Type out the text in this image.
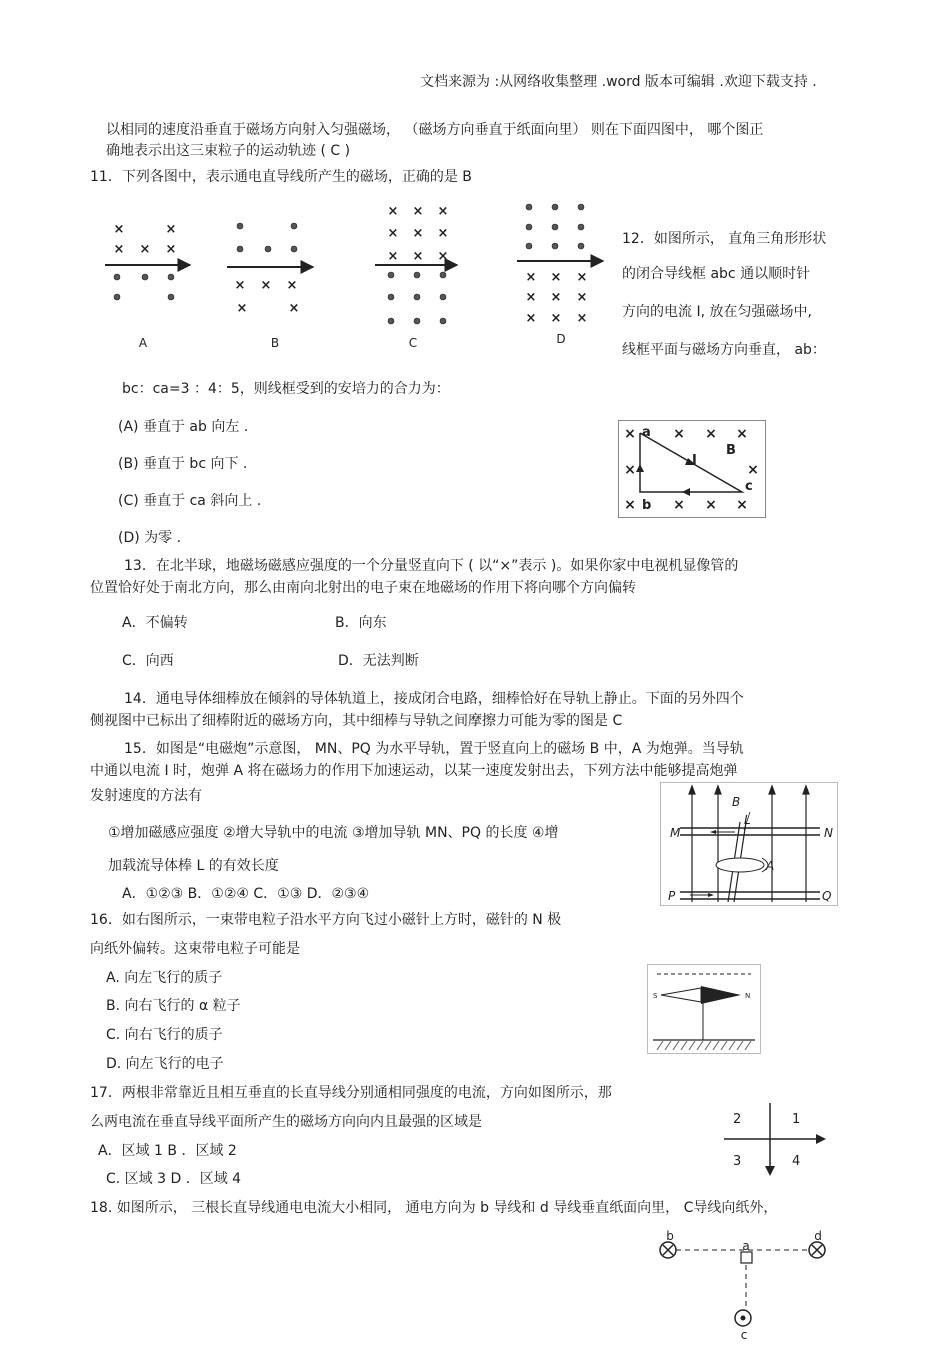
文档来源为 :从网络收集整理 .word 版本可编辑 .欢迎下载支持 .
以相同的速度沿垂直于磁场方向射入匀强磁场， （磁场方向垂直于纸面向里） 则在下面四图中， 哪个图正
确地表示出这三束粒子的运动轨迹 ( C )
11．下列各图中，表示通电直导线所产生的磁场，正确的是 B
×	×
× × ×
× × ×
×	×
× × ×
× × ×
× × ×
× × ×
× × ×
× × ×
A	B	C	D
12．如图所示， 直角三角形形状
的闭合导线框 abc 通以顺时针
方向的电流 I, 放在匀强磁场中,
线框平面与磁场方向垂直， ab：
bc：ca=3 ：4：5，则线框受到的安培力的合力为：
(A) 垂直于 ab 向左 .
(B) 垂直于 bc 向下 .
(C) 垂直于 ca 斜向上 .
(D) 为零 .
×	× × ×
×	×
×	× × ×
a
b
c
I
B
13．在北半球，地磁场磁感应强度的一个分量竖直向下 ( 以“×”表示 )。如果你家中电视机显像管的
位置恰好处于南北方向，那么由南向北射出的电子束在地磁场的作用下将向哪个方向偏转
A．不偏转	B．向东
C．向西	D．无法判断
14．通电导体细棒放在倾斜的导体轨道上，接成闭合电路，细棒恰好在导轨上静止。下面的另外四个
侧视图中已标出了细棒附近的磁场方向，其中细棒与导轨之间摩擦力可能为零的图是 C
15．如图是“电磁炮”示意图， MN、PQ 为水平导轨，置于竖直向上的磁场 B 中，A 为炮弹。当导轨
中通以电流 I 时，炮弹 A 将在磁场力的作用下加速运动，以某一速度发射出去，下列方法中能够提高炮弹
发射速度的方法有
①增加磁感应强度 ②增大导轨中的电流 ③增加导轨 MN、PQ 的长度 ④增
加载流导体棒 L 的有效长度
A．①②③ B．①②④ C．①③ D．②③④
B
L
M	N
P	Q
A
16．如右图所示，一束带电粒子沿水平方向飞过小磁针上方时，磁针的 N 极
向纸外偏转。这束带电粒子可能是
A. 向左飞行的质子
B. 向右飞行的 α 粒子
C. 向右飞行的质子
D. 向左飞行的电子
S	N
17．两根非常靠近且相互垂直的长直导线分别通相同强度的电流，方向如图所示，那
么两电流在垂直导线平面所产生的磁场方向向内且最强的区域是
A．区域 1 B ．区域 2
C. 区域 3 D ．区域 4
2	1
3	4
18. 如图所示， 三根长直导线通电电流大小相同， 通电方向为 b 导线和 d 导线垂直纸面向里， C导线向纸外，
b	d
a
c
